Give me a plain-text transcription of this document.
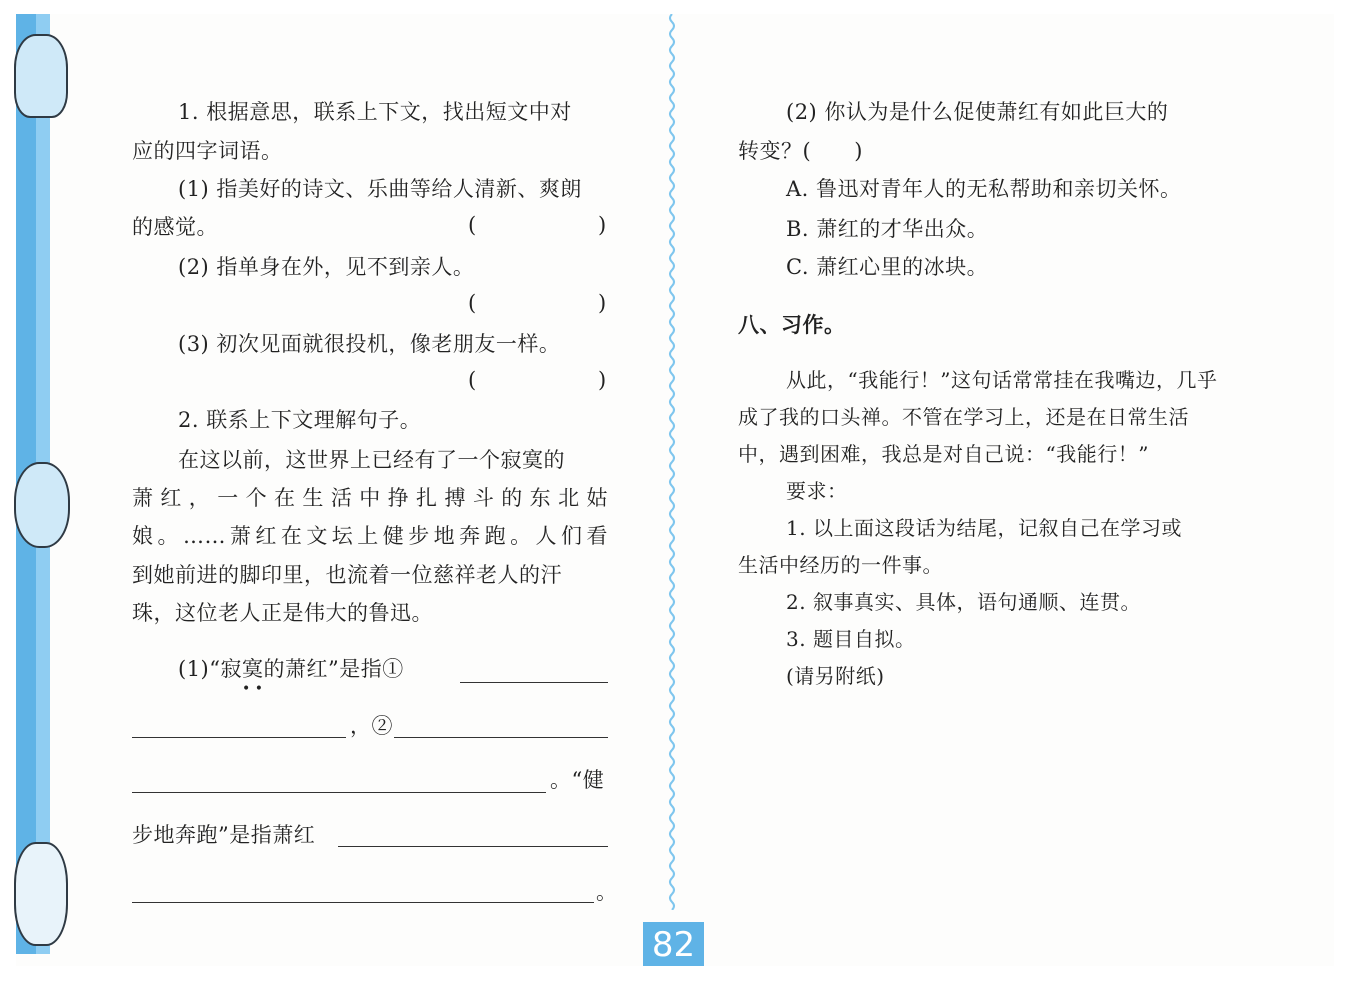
1. 根据意思，联系上下文，找出短文中对
应的四字词语。
(1) 指美好的诗文、乐曲等给人清新、爽朗
的感觉。	(	)
(2) 指单身在外，见不到亲人。
(	)
(3) 初次见面就很投机，像老朋友一样。
(	)
2. 联系上下文理解句子。
在这以前，这世界上已经有了一个寂寞的
萧红，一个在生活中挣扎搏斗的东北姑
娘。……萧红在文坛上健步地奔跑。人们看
到她前进的脚印里，也流着一位慈祥老人的汗
珠，这位老人正是伟大的鲁迅。
(1)“寂寞的萧红”是指①
• •
，②
。“健
步地奔跑”是指萧红
。
(2) 你认为是什么促使萧红有如此巨大的
转变？(　　)
A. 鲁迅对青年人的无私帮助和亲切关怀。
B. 萧红的才华出众。
C. 萧红心里的冰块。
八、习作。
从此，“我能行！”这句话常常挂在我嘴边，几乎
成了我的口头禅。不管在学习上，还是在日常生活
中，遇到困难，我总是对自己说：“我能行！”
要求：
1. 以上面这段话为结尾，记叙自己在学习或
生活中经历的一件事。
2. 叙事真实、具体，语句通顺、连贯。
3. 题目自拟。
(请另附纸)
82
